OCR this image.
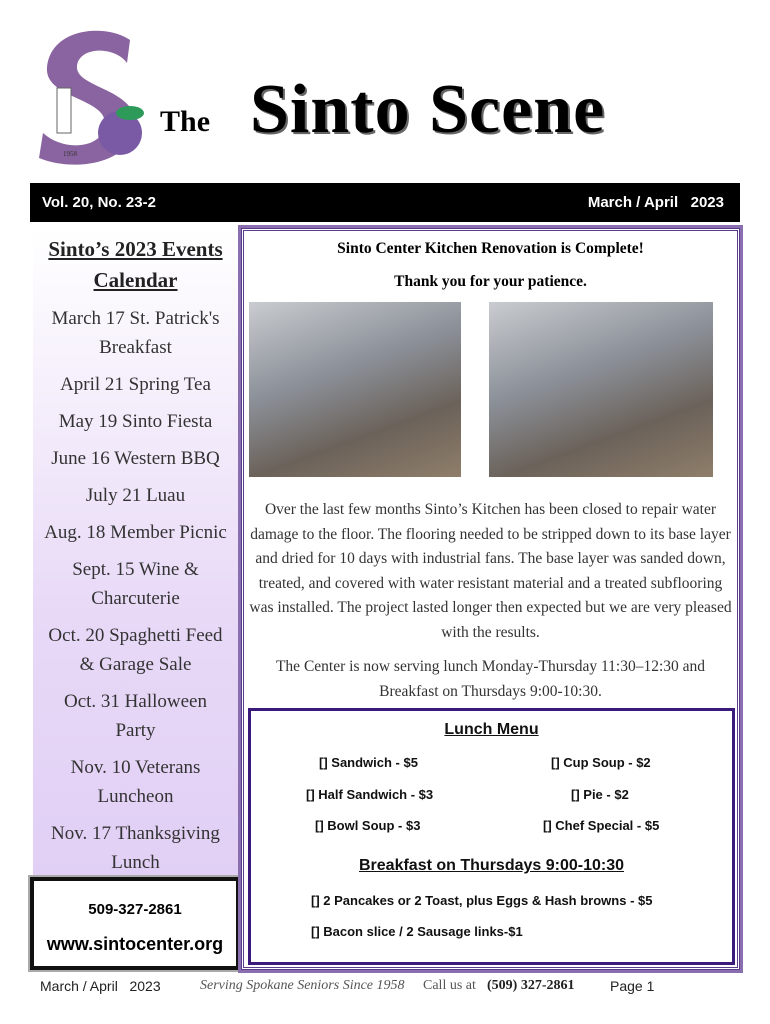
1958
The Sinto Scene
Vol. 20, No. 23-2	March / April   2023
Sinto’s 2023 Events Calendar
March 17 St. Patrick's Breakfast
April 21 Spring Tea
May 19 Sinto Fiesta
June 16 Western BBQ
July 21 Luau
Aug. 18 Member Picnic
Sept. 15 Wine & Charcuterie
Oct. 20 Spaghetti Feed & Garage Sale
Oct. 31 Halloween Party
Nov. 10 Veterans Luncheon
Nov. 17 Thanksgiving Lunch
509-327-2861
www.sintocenter.org
Sinto Center Kitchen Renovation is Complete!
Thank you for your patience.
Over the last few months Sinto’s Kitchen has been closed to repair water damage to the floor. The flooring needed to be stripped down to its base layer and dried for 10 days with industrial fans. The base layer was sanded down, treated, and covered with water resistant material and a treated subflooring was installed. The project lasted longer then expected but we are very pleased with the results.
The Center is now serving lunch Monday-Thursday 11:30–12:30 and Breakfast on Thursdays 9:00-10:30.
Lunch Menu
[] Sandwich - $5	[] Cup Soup - $2
[] Half Sandwich - $3	[] Pie - $2
[] Bowl Soup - $3	[] Chef Special - $5
Breakfast on Thursdays 9:00-10:30
[] 2 Pancakes or 2 Toast, plus Eggs & Hash browns - $5
[] Bacon slice / 2 Sausage links-$1
March / April   2023	Serving Spokane Seniors Since 1958 Call us at (509) 327-2861	Page 1
